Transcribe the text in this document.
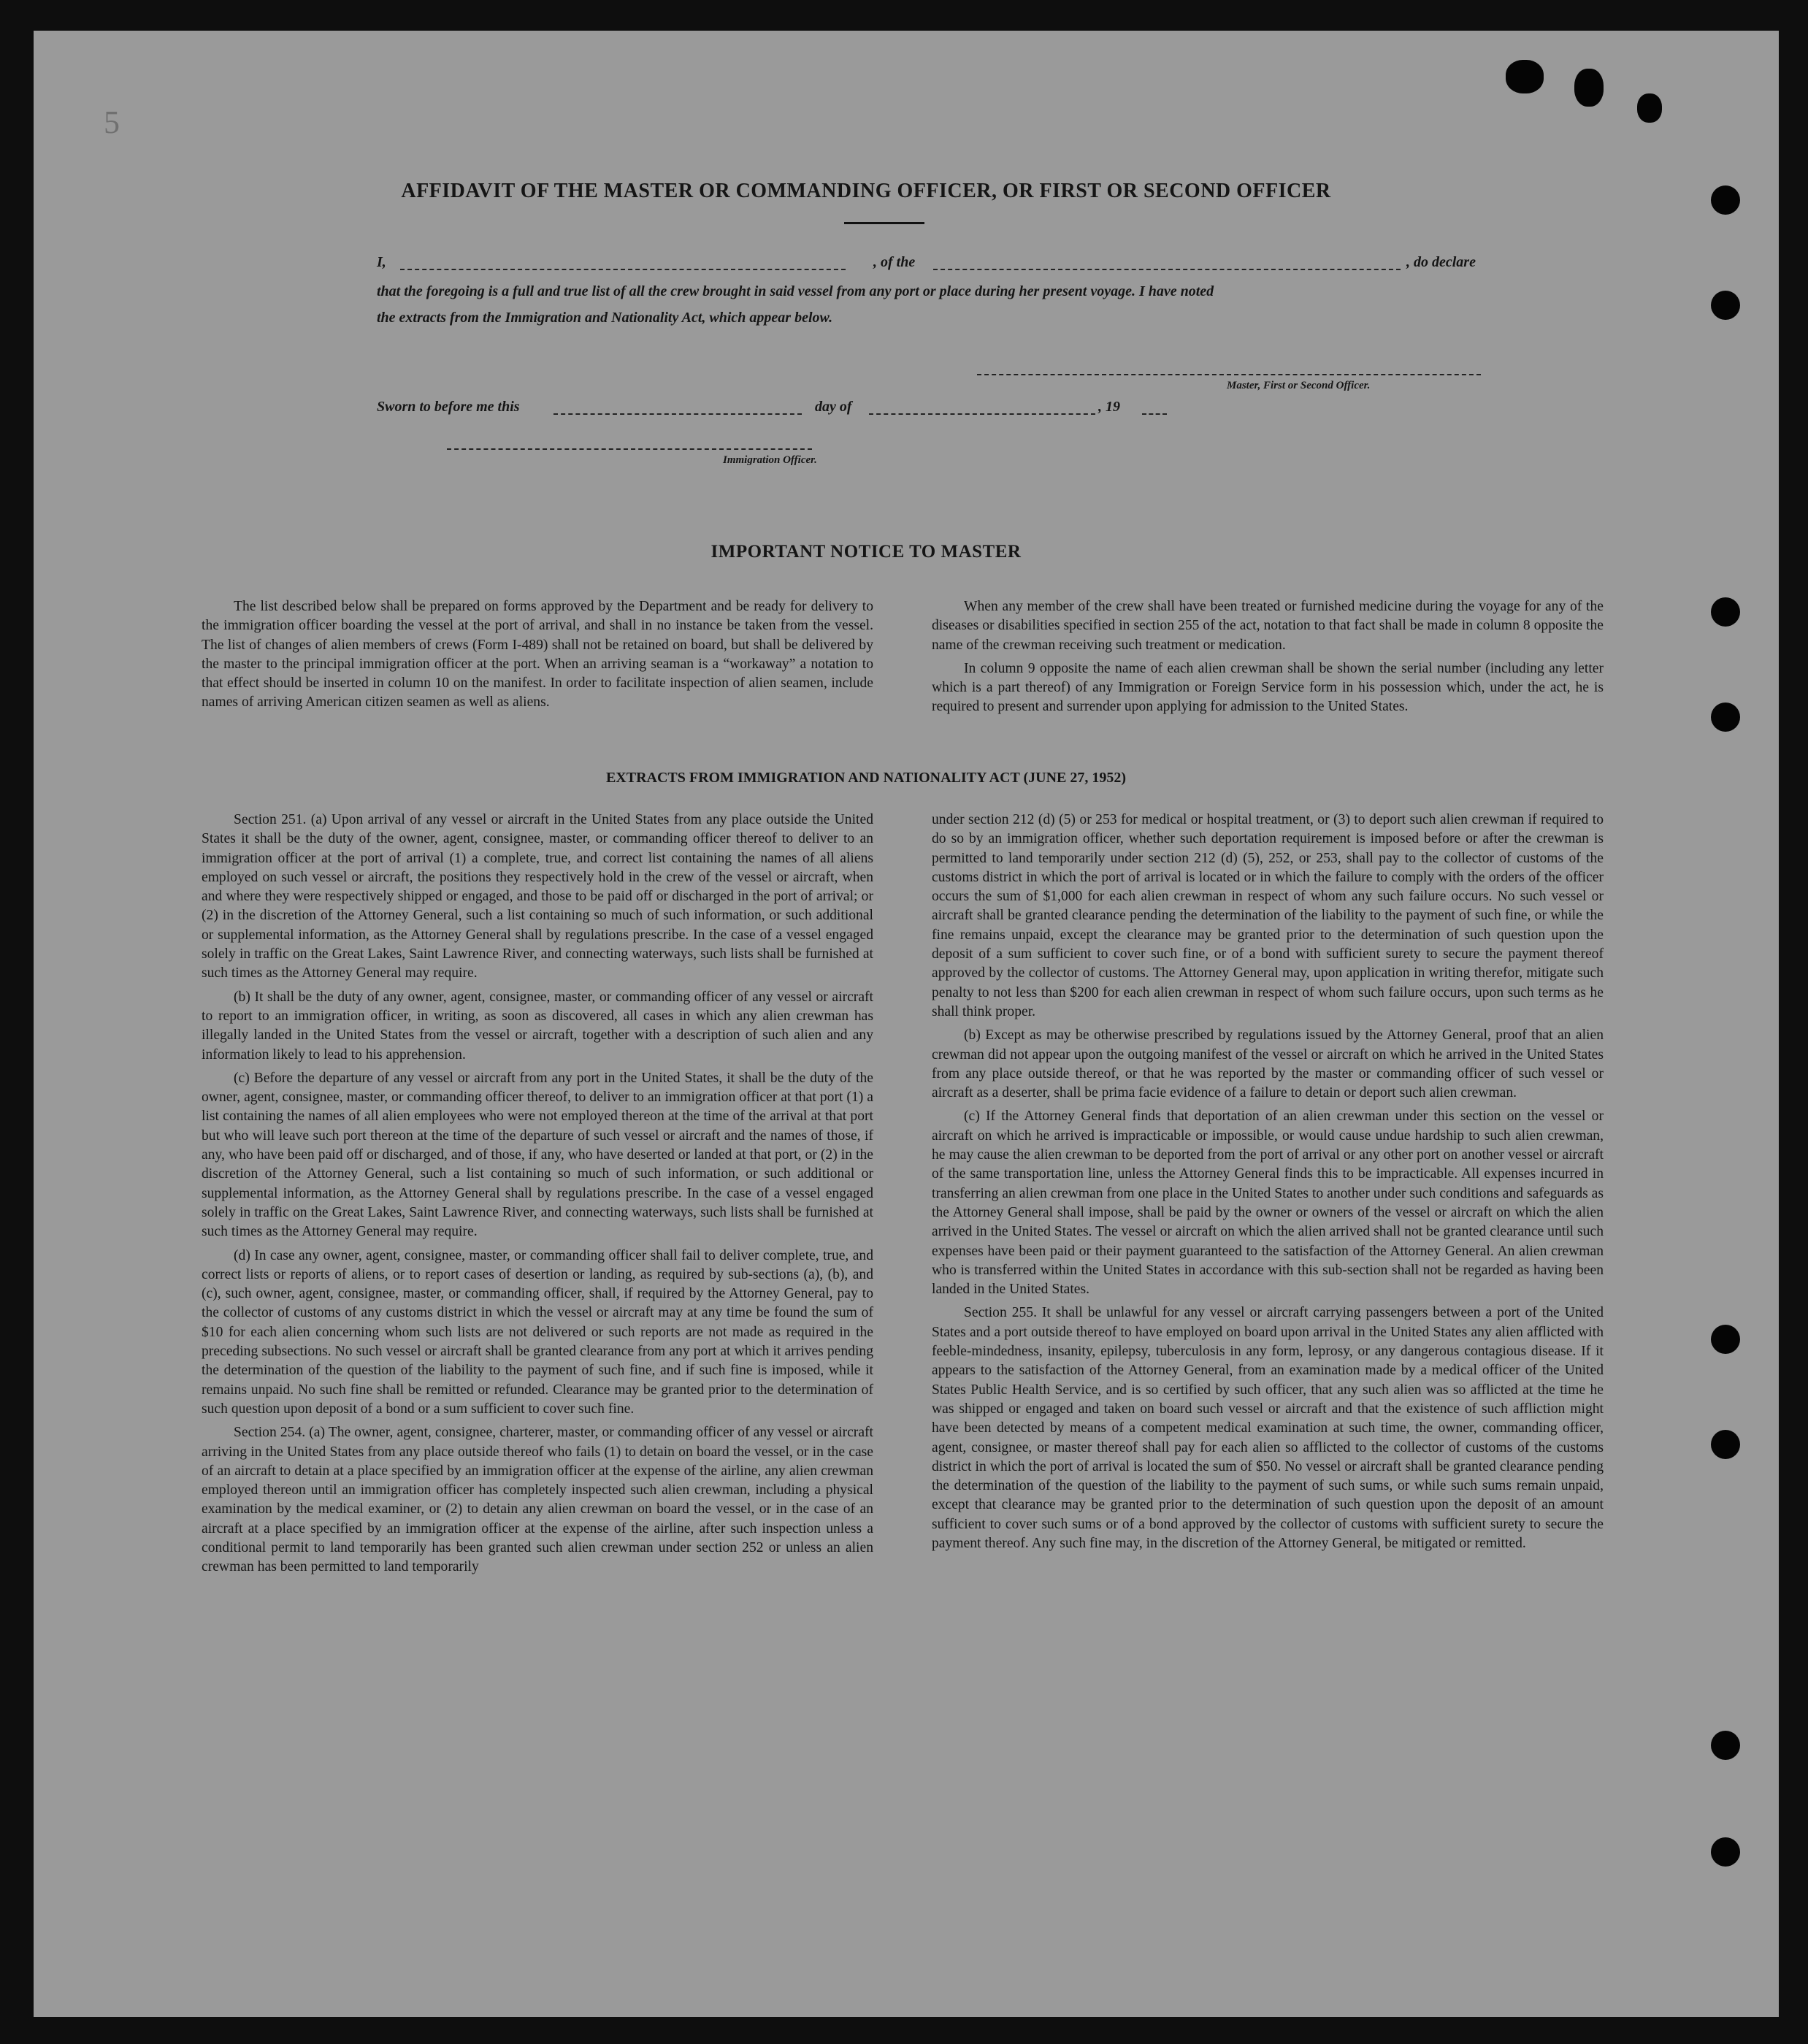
5

AFFIDAVIT OF THE MASTER OR COMMANDING OFFICER, OR FIRST OR SECOND OFFICER
I,	, of the	, do declare
that the foregoing is a full and true list of all the crew brought in said vessel from any port or place during her present voyage. I have noted
the extracts from the Immigration and Nationality Act, which appear below.
Master, First or Second Officer.
Sworn to before me this	day of	, 19
Immigration Officer.
IMPORTANT NOTICE TO MASTER

The list described below shall be prepared on forms approved by the Department and be ready for delivery to the immigration officer boarding the vessel at the port of arrival, and shall in no instance be taken from the vessel. The list of changes of alien members of crews (Form I-489) shall not be retained on board, but shall be delivered by the master to the principal immigration officer at the port. When an arriving seaman is a “workaway” a notation to that effect should be inserted in column 10 on the manifest. In order to facilitate inspection of alien seamen, include names of arriving American citizen seamen as well as aliens.

When any member of the crew shall have been treated or furnished medicine during the voyage for any of the diseases or disabilities specified in section 255 of the act, notation to that fact shall be made in column 8 opposite the name of the crewman receiving such treatment or medication.

In column 9 opposite the name of each alien crewman shall be shown the serial number (including any letter which is a part thereof) of any Immigration or Foreign Service form in his possession which, under the act, he is required to present and surrender upon applying for admission to the United States.

EXTRACTS FROM IMMIGRATION AND NATIONALITY ACT (JUNE 27, 1952)

Section 251. (a) Upon arrival of any vessel or aircraft in the United States from any place outside the United States it shall be the duty of the owner, agent, consignee, master, or commanding officer thereof to deliver to an immigration officer at the port of arrival (1) a complete, true, and correct list containing the names of all aliens employed on such vessel or aircraft, the positions they respectively hold in the crew of the vessel or aircraft, when and where they were respectively shipped or engaged, and those to be paid off or discharged in the port of arrival; or (2) in the discretion of the Attorney General, such a list containing so much of such information, or such additional or supplemental information, as the Attorney General shall by regulations prescribe. In the case of a vessel engaged solely in traffic on the Great Lakes, Saint Lawrence River, and connecting waterways, such lists shall be furnished at such times as the Attorney General may require.

(b) It shall be the duty of any owner, agent, consignee, master, or commanding officer of any vessel or aircraft to report to an immigration officer, in writing, as soon as discovered, all cases in which any alien crewman has illegally landed in the United States from the vessel or aircraft, together with a description of such alien and any information likely to lead to his apprehension.

(c) Before the departure of any vessel or aircraft from any port in the United States, it shall be the duty of the owner, agent, consignee, master, or commanding officer thereof, to deliver to an immigration officer at that port (1) a list containing the names of all alien employees who were not employed thereon at the time of the arrival at that port but who will leave such port thereon at the time of the departure of such vessel or aircraft and the names of those, if any, who have been paid off or discharged, and of those, if any, who have deserted or landed at that port, or (2) in the discretion of the Attorney General, such a list containing so much of such information, or such additional or supplemental information, as the Attorney General shall by regulations prescribe. In the case of a vessel engaged solely in traffic on the Great Lakes, Saint Lawrence River, and connecting waterways, such lists shall be furnished at such times as the Attorney General may require.

(d) In case any owner, agent, consignee, master, or commanding officer shall fail to deliver complete, true, and correct lists or reports of aliens, or to report cases of desertion or landing, as required by sub-sections (a), (b), and (c), such owner, agent, consignee, master, or commanding officer, shall, if required by the Attorney General, pay to the collector of customs of any customs district in which the vessel or aircraft may at any time be found the sum of $10 for each alien concerning whom such lists are not delivered or such reports are not made as required in the preceding subsections. No such vessel or aircraft shall be granted clearance from any port at which it arrives pending the determination of the question of the liability to the payment of such fine, and if such fine is imposed, while it remains unpaid. No such fine shall be remitted or refunded. Clearance may be granted prior to the determination of such question upon deposit of a bond or a sum sufficient to cover such fine.

Section 254. (a) The owner, agent, consignee, charterer, master, or commanding officer of any vessel or aircraft arriving in the United States from any place outside thereof who fails (1) to detain on board the vessel, or in the case of an aircraft to detain at a place specified by an immigration officer at the expense of the airline, any alien crewman employed thereon until an immigration officer has completely inspected such alien crewman, including a physical examination by the medical examiner, or (2) to detain any alien crewman on board the vessel, or in the case of an aircraft at a place specified by an immigration officer at the expense of the airline, after such inspection unless a conditional permit to land temporarily has been granted such alien crewman under section 252 or unless an alien crewman has been permitted to land temporarily

under section 212 (d) (5) or 253 for medical or hospital treatment, or (3) to deport such alien crewman if required to do so by an immigration officer, whether such deportation requirement is imposed before or after the crewman is permitted to land temporarily under section 212 (d) (5), 252, or 253, shall pay to the collector of customs of the customs district in which the port of arrival is located or in which the failure to comply with the orders of the officer occurs the sum of $1,000 for each alien crewman in respect of whom any such failure occurs. No such vessel or aircraft shall be granted clearance pending the determination of the liability to the payment of such fine, or while the fine remains unpaid, except the clearance may be granted prior to the determination of such question upon the deposit of a sum sufficient to cover such fine, or of a bond with sufficient surety to secure the payment thereof approved by the collector of customs. The Attorney General may, upon application in writing therefor, mitigate such penalty to not less than $200 for each alien crewman in respect of whom such failure occurs, upon such terms as he shall think proper.

(b) Except as may be otherwise prescribed by regulations issued by the Attorney General, proof that an alien crewman did not appear upon the outgoing manifest of the vessel or aircraft on which he arrived in the United States from any place outside thereof, or that he was reported by the master or commanding officer of such vessel or aircraft as a deserter, shall be prima facie evidence of a failure to detain or deport such alien crewman.

(c) If the Attorney General finds that deportation of an alien crewman under this section on the vessel or aircraft on which he arrived is impracticable or impossible, or would cause undue hardship to such alien crewman, he may cause the alien crewman to be deported from the port of arrival or any other port on another vessel or aircraft of the same transportation line, unless the Attorney General finds this to be impracticable. All expenses incurred in transferring an alien crewman from one place in the United States to another under such conditions and safeguards as the Attorney General shall impose, shall be paid by the owner or owners of the vessel or aircraft on which the alien arrived in the United States. The vessel or aircraft on which the alien arrived shall not be granted clearance until such expenses have been paid or their payment guaranteed to the satisfaction of the Attorney General. An alien crewman who is transferred within the United States in accordance with this sub-section shall not be regarded as having been landed in the United States.

Section 255. It shall be unlawful for any vessel or aircraft carrying passengers between a port of the United States and a port outside thereof to have employed on board upon arrival in the United States any alien afflicted with feeble-mindedness, insanity, epilepsy, tuberculosis in any form, leprosy, or any dangerous contagious disease. If it appears to the satisfaction of the Attorney General, from an examination made by a medical officer of the United States Public Health Service, and is so certified by such officer, that any such alien was so afflicted at the time he was shipped or engaged and taken on board such vessel or aircraft and that the existence of such affliction might have been detected by means of a competent medical examination at such time, the owner, commanding officer, agent, consignee, or master thereof shall pay for each alien so afflicted to the collector of customs of the customs district in which the port of arrival is located the sum of $50. No vessel or aircraft shall be granted clearance pending the determination of the question of the liability to the payment of such sums, or while such sums remain unpaid, except that clearance may be granted prior to the determination of such question upon the deposit of an amount sufficient to cover such sums or of a bond approved by the collector of customs with sufficient surety to secure the payment thereof. Any such fine may, in the discretion of the Attorney General, be mitigated or remitted.
